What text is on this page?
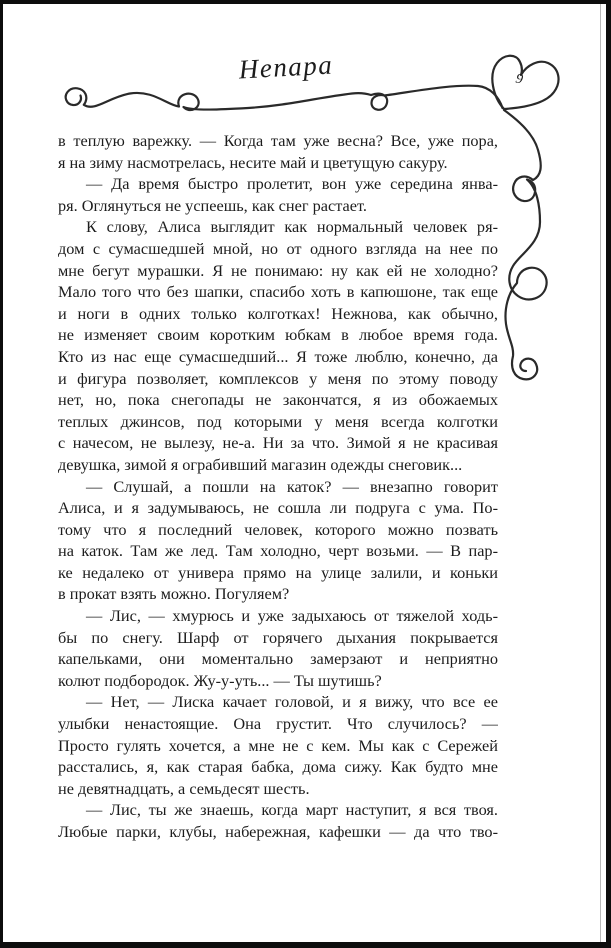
Непара	9
в теплую варежку. — Когда там уже весна? Все, уже пора,
я на зиму насмотрелась, несите май и цветущую сакуру.
— Да время быстро пролетит, вон уже середина янва-
ря. Оглянуться не успеешь, как снег растает.
К слову, Алиса выглядит как нормальный человек ря-
дом с сумасшедшей мной, но от одного взгляда на нее по
мне бегут мурашки. Я не понимаю: ну как ей не холодно?
Мало того что без шапки, спасибо хоть в капюшоне, так еще
и ноги в одних только колготках! Нежнова, как обычно,
не изменяет своим коротким юбкам в любое время года.
Кто из нас еще сумасшедший... Я тоже люблю, конечно, да
и фигура позволяет, комплексов у меня по этому поводу
нет, но, пока снегопады не закончатся, я из обожаемых
теплых джинсов, под которыми у меня всегда колготки
с начесом, не вылезу, не-а. Ни за что. Зимой я не красивая
девушка, зимой я ограбивший магазин одежды снеговик...
— Слушай, а пошли на каток? — внезапно говорит
Алиса, и я задумываюсь, не сошла ли подруга с ума. По-
тому что я последний человек, которого можно позвать
на каток. Там же лед. Там холодно, черт возьми. — В пар-
ке недалеко от универа прямо на улице залили, и коньки
в прокат взять можно. Погуляем?
— Лис, — хмурюсь и уже задыхаюсь от тяжелой ходь-
бы по снегу. Шарф от горячего дыхания покрывается
капельками, они моментально замерзают и неприятно
колют подбородок. Жу-у-уть... — Ты шутишь?
— Нет, — Лиска качает головой, и я вижу, что все ее
улыбки ненастоящие. Она грустит. Что случилось? —
Просто гулять хочется, а мне не с кем. Мы как с Сережей
расстались, я, как старая бабка, дома сижу. Как будто мне
не девятнадцать, а семьдесят шесть.
— Лис, ты же знаешь, когда март наступит, я вся твоя.
Любые парки, клубы, набережная, кафешки — да что тво-
